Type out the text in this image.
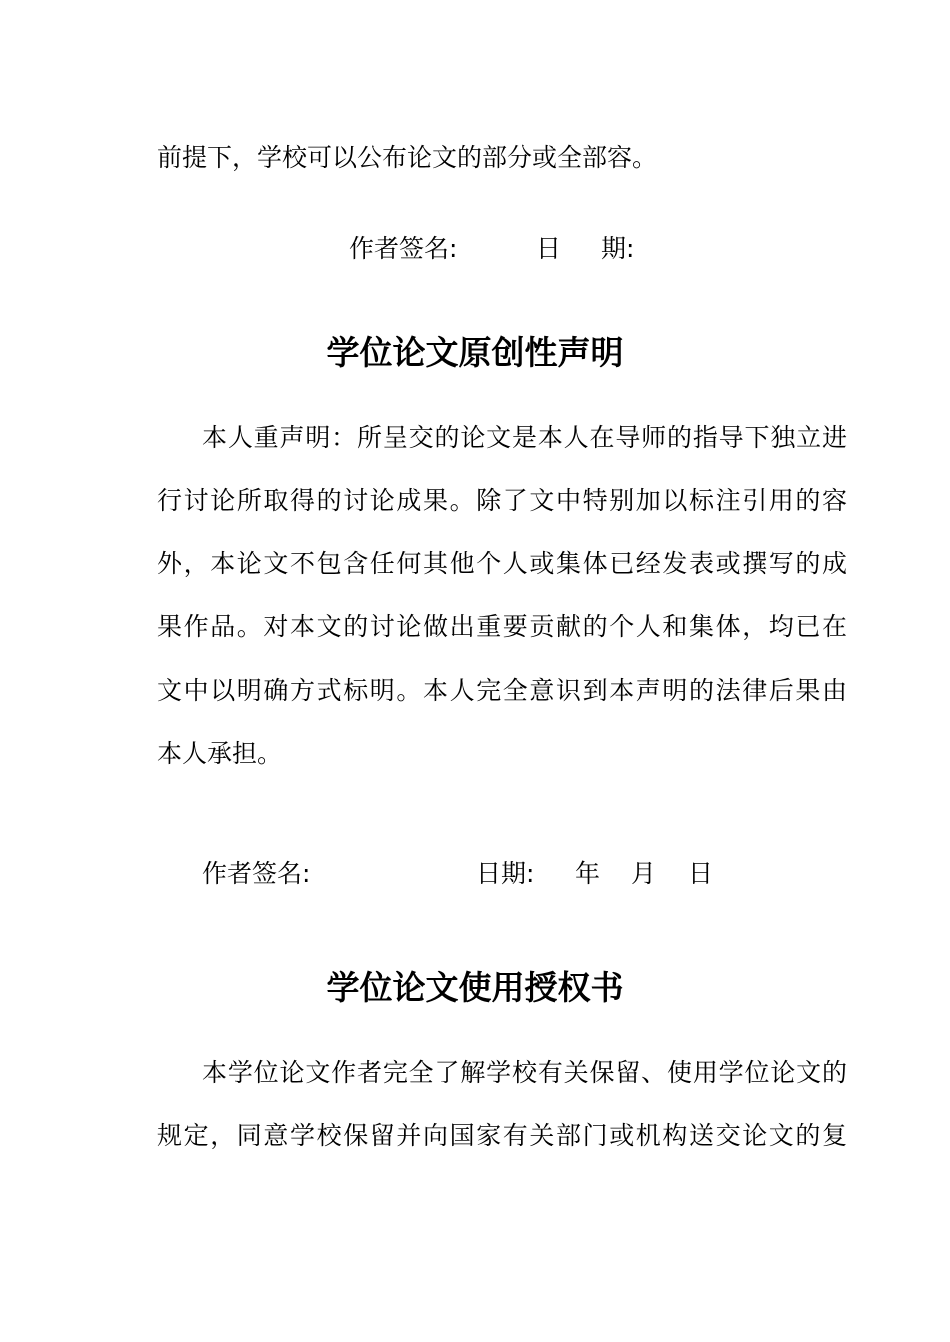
前提下，学校可以公布论文的部分或全部容。
作者签名:	日 期:
学位论文原创性声明
本人重声明：所呈交的论文是本人在导师的指导下独立进
行讨论所取得的讨论成果。除了文中特别加以标注引用的容
外，本论文不包含任何其他个人或集体已经发表或撰写的成
果作品。对本文的讨论做出重要贡献的个人和集体，均已在
文中以明确方式标明。本人完全意识到本声明的法律后果由
本人承担。
作者签名:	日期: 年 月 日
学位论文使用授权书
本学位论文作者完全了解学校有关保留、使用学位论文的
规定，同意学校保留并向国家有关部门或机构送交论文的复
